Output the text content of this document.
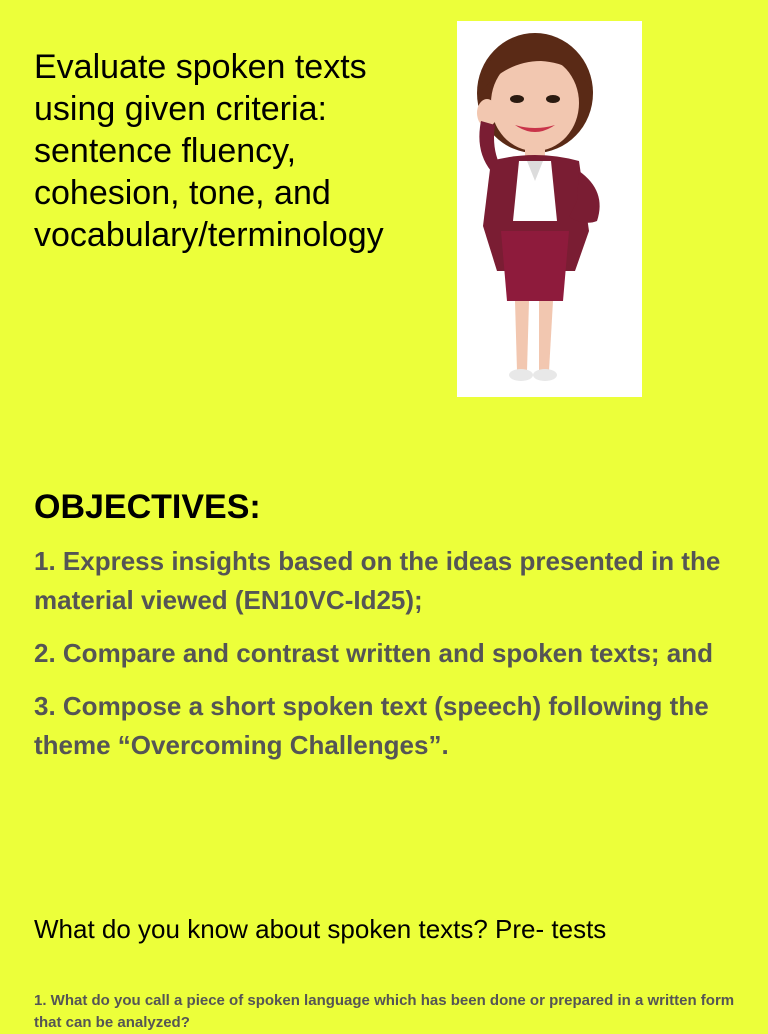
Evaluate spoken texts using given criteria: sentence fluency, cohesion, tone, and vocabulary/terminology
OBJECTIVES:
1. Express insights based on the ideas presented in the material viewed (EN10VC-Id25);
2. Compare and contrast written and spoken texts; and
3. Compose a short spoken text (speech) following the theme “Overcoming Challenges”.
What do you know about spoken texts? Pre- tests
1. What do you call a piece of spoken language which has been done or prepared in a written form that can be analyzed?
